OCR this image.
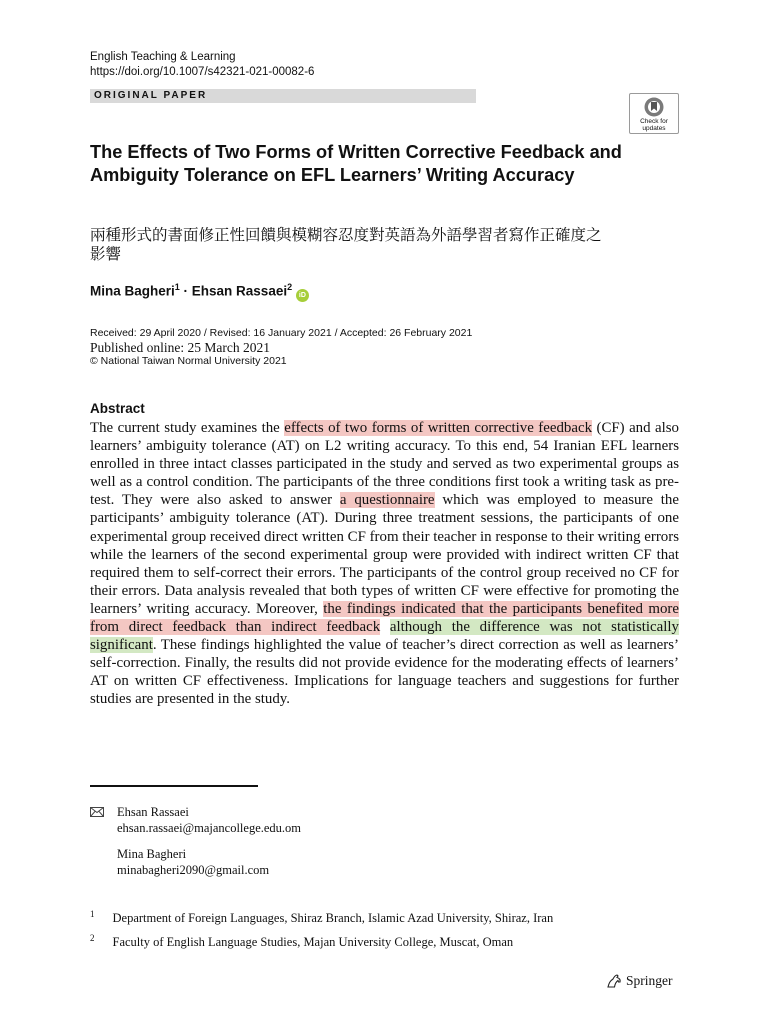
English Teaching & Learning
https://doi.org/10.1007/s42321-021-00082-6
ORIGINAL PAPER
Check for
updates
The Effects of Two Forms of Written Corrective Feedback and Ambiguity Tolerance on EFL Learners’ Writing Accuracy
兩種形式的書面修正性回饋與模糊容忍度對英語為外語學習者寫作正確度之影響
Mina Bagheri$^1$ · Ehsan Rassaei$^2$ iD
Received: 29 April 2020 / Revised: 16 January 2021 / Accepted: 26 February 2021
Published online: 25 March 2021
© National Taiwan Normal University 2021
Abstract

The current study examines the effects of two forms of written corrective feedback (CF) and also learners’ ambiguity tolerance (AT) on L2 writing accuracy. To this end, 54 Iranian EFL learners enrolled in three intact classes participated in the study and served as two experimental groups as well as a control condition. The participants of the three conditions first took a writing task as pre-test. They were also asked to answer a questionnaire which was employed to measure the participants’ ambiguity tolerance (AT). During three treatment sessions, the participants of one experimental group received direct written CF from their teacher in response to their writing errors while the learners of the second experimental group were provided with indirect written CF that required them to self-correct their errors. The participants of the control group received no CF for their errors. Data analysis revealed that both types of written CF were effective for promoting the learners’ writing accuracy. Moreover, the findings indicated that the participants benefited more from direct feedback than indirect feedback although the difference was not statistically significant. These findings highlighted the value of teacher’s direct correction as well as learners’ self-correction. Finally, the results did not provide evidence for the moderating effects of learners’ AT on written CF effectiveness. Implications for language teachers and suggestions for further studies are presented in the study.

Ehsan Rassaei
ehsan.rassaei@majancollege.edu.om
Mina Bagheri
minabagheri2090@gmail.com
$^1$ Department of Foreign Languages, Shiraz Branch, Islamic Azad University, Shiraz, Iran
$^2$ Faculty of English Language Studies, Majan University College, Muscat, Oman
Springer
